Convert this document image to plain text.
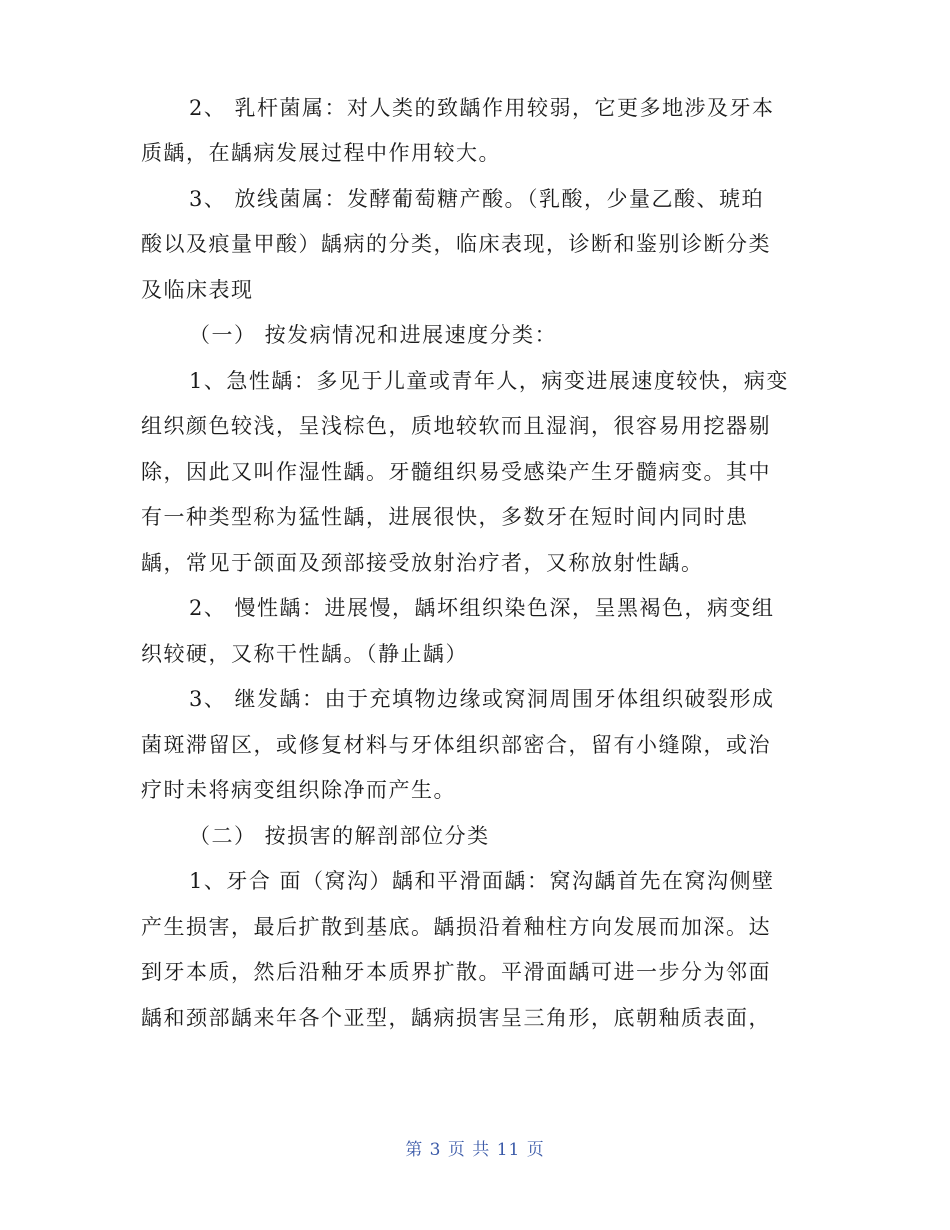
2、 乳杆菌属：对人类的致龋作用较弱，它更多地涉及牙本
质龋，在龋病发展过程中作用较大。
3、 放线菌属：发酵葡萄糖产酸。（乳酸，少量乙酸、琥珀
酸以及痕量甲酸）龋病的分类，临床表现，诊断和鉴别诊断分类
及临床表现
（一） 按发病情况和进展速度分类：
1、急性龋：多见于儿童或青年人，病变进展速度较快，病变
组织颜色较浅，呈浅棕色，质地较软而且湿润，很容易用挖器剔
除，因此又叫作湿性龋。牙髓组织易受感染产生牙髓病变。其中
有一种类型称为猛性龋，进展很快，多数牙在短时间内同时患
龋，常见于颌面及颈部接受放射治疗者，又称放射性龋。
2、 慢性龋：进展慢，龋坏组织染色深，呈黑褐色，病变组
织较硬，又称干性龋。（静止龋）
3、 继发龋：由于充填物边缘或窝洞周围牙体组织破裂形成
菌斑滞留区，或修复材料与牙体组织部密合，留有小缝隙，或治
疗时未将病变组织除净而产生。
（二） 按损害的解剖部位分类
1、牙合 面（窝沟）龋和平滑面龋：窝沟龋首先在窝沟侧壁
产生损害，最后扩散到基底。龋损沿着釉柱方向发展而加深。达
到牙本质，然后沿釉牙本质界扩散。平滑面龋可进一步分为邻面
龋和颈部龋来年各个亚型，龋病损害呈三角形，底朝釉质表面，
第 3 页 共 11 页
